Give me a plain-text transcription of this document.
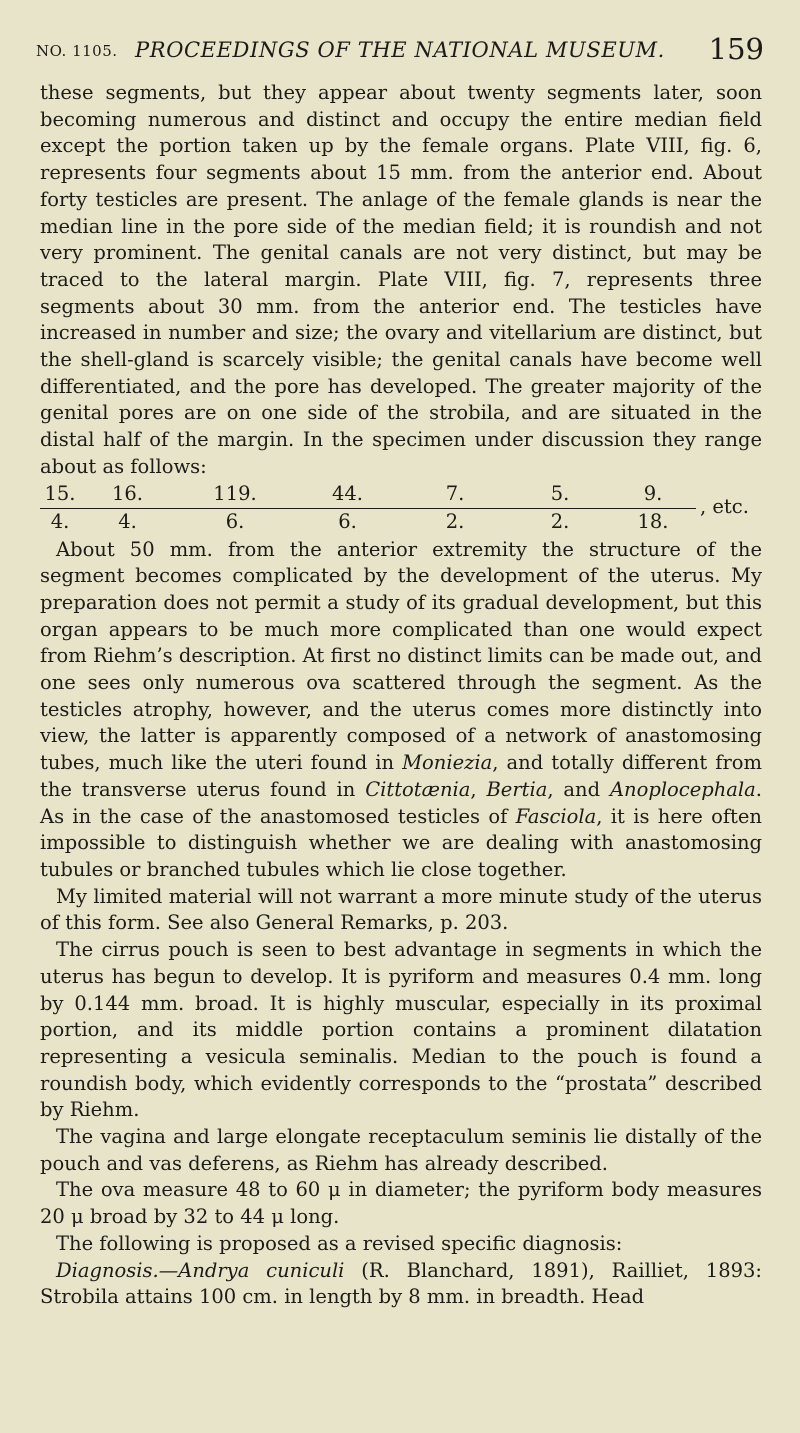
NO. 1105. PROCEEDINGS OF THE NATIONAL MUSEUM.	159

these segments, but they appear about twenty segments later, soon becoming numerous and distinct and occupy the entire median field except the portion taken up by the female organs. Plate VIII, fig. 6, represents four segments about 15 mm. from the anterior end. About forty testicles are present. The anlage of the female glands is near the median line in the pore side of the median field; it is roundish and not very prominent. The genital canals are not very distinct, but may be traced to the lateral margin. Plate VIII, fig. 7, represents three segments about 30 mm. from the anterior end. The testicles have increased in number and size; the ovary and vitellarium are distinct, but the shell-gland is scarcely visible; the genital canals have become well differentiated, and the pore has developed. The greater majority of the genital pores are on one side of the strobila, and are situated in the distal half of the margin. In the specimen under discussion they range about as follows:

$\frac{15.}{4.} \frac{16.}{4.} \frac{119.}{6.} \frac{44.}{6.} \frac{7.}{2.} \frac{5.}{2.} \frac{9.}{18.}$ , etc.

About 50 mm. from the anterior extremity the structure of the segment becomes complicated by the development of the uterus. My preparation does not permit a study of its gradual development, but this organ appears to be much more complicated than one would expect from Riehm’s description. At first no distinct limits can be made out, and one sees only numerous ova scattered through the segment. As the testicles atrophy, however, and the uterus comes more distinctly into view, the latter is apparently composed of a network of anastomosing tubes, much like the uteri found in Moniezia, and totally different from the transverse uterus found in Cittotænia, Bertia, and Anoplocephala. As in the case of the anastomosed testicles of Fasciola, it is here often impossible to distinguish whether we are dealing with anastomosing tubules or branched tubules which lie close together.

My limited material will not warrant a more minute study of the uterus of this form. See also General Remarks, p. 203.

The cirrus pouch is seen to best advantage in segments in which the uterus has begun to develop. It is pyriform and measures 0.4 mm. long by 0.144 mm. broad. It is highly muscular, especially in its proximal portion, and its middle portion contains a prominent dilatation representing a vesicula seminalis. Median to the pouch is found a roundish body, which evidently corresponds to the “prostata” described by Riehm.

The vagina and large elongate receptaculum seminis lie distally of the pouch and vas deferens, as Riehm has already described.

The ova measure 48 to 60 μ in diameter; the pyriform body measures 20 μ broad by 32 to 44 μ long.

The following is proposed as a revised specific diagnosis:

Diagnosis.—Andrya cuniculi (R. Blanchard, 1891), Railliet, 1893: Strobila attains 100 cm. in length by 8 mm. in breadth. Head
